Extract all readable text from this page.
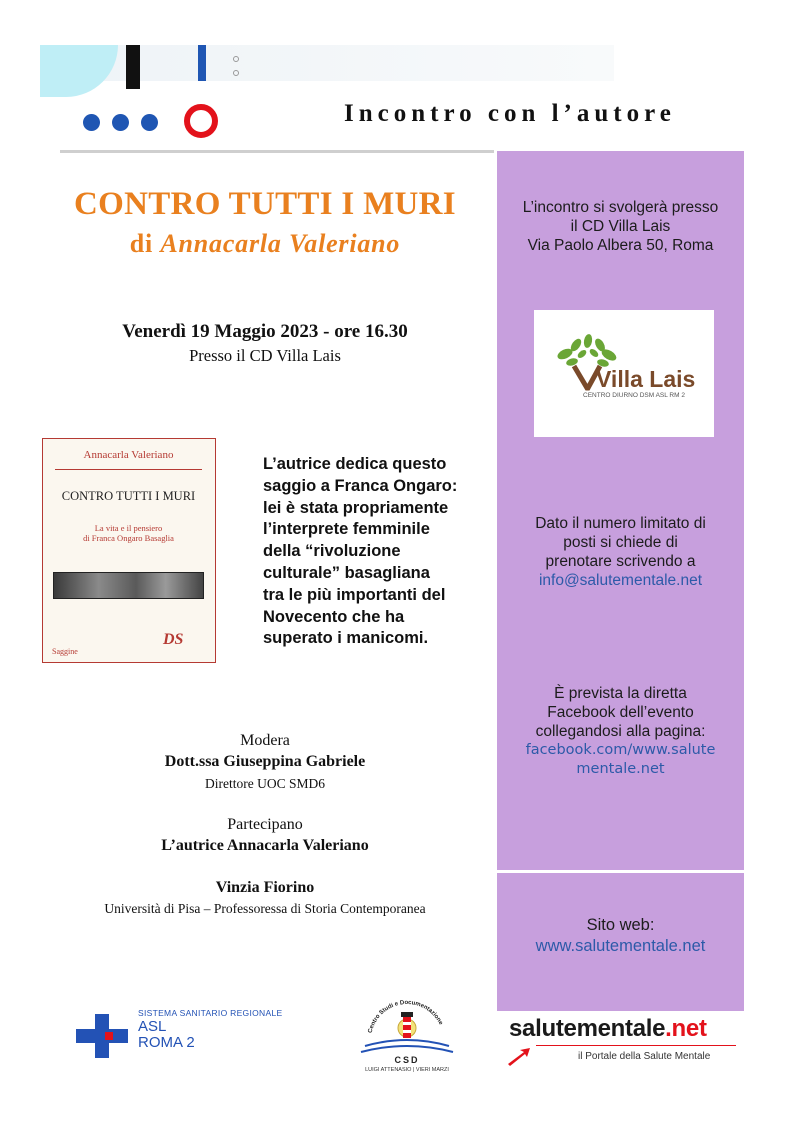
Incontro con l’autore
L’incontro si svolgerà presso
il CD Villa Lais
Via Paolo Albera 50, Roma
Villa Lais
CENTRO DIURNO DSM ASL RM 2
Dato il numero limitato di
posti si chiede di
prenotare scrivendo a
info@salutementale.net
È prevista la diretta
Facebook dell’evento
collegandosi alla pagina:
facebook.com/www.salute
mentale.net
Sito web:
www.salutementale.net
CONTRO TUTTI I MURI
di Annacarla Valeriano
Venerdì 19 Maggio 2023 - ore 16.30
Presso il CD Villa Lais
Annacarla Valeriano
CONTRO TUTTI I MURI
La vita e il pensiero
di Franca Ongaro Basaglia
DS
Saggine
L’autrice dedica questo
saggio a Franca Ongaro:
lei è stata propriamente
l’interprete femminile
della “rivoluzione
culturale” basagliana
tra le più importanti del
Novecento che ha
superato i manicomi.
Modera
Dott.ssa Giuseppina Gabriele
Direttore UOC SMD6
Partecipano
L’autrice Annacarla Valeriano
Vinzia Fiorino
Università di Pisa – Professoressa di Storia Contemporanea
SISTEMA SANITARIO REGIONALE
ASL
ROMA 2
Centro Studi e Documentazione
CSD
LUIGI ATTENASIO | VIERI MARZI
salutementale.net
il Portale della Salute Mentale
